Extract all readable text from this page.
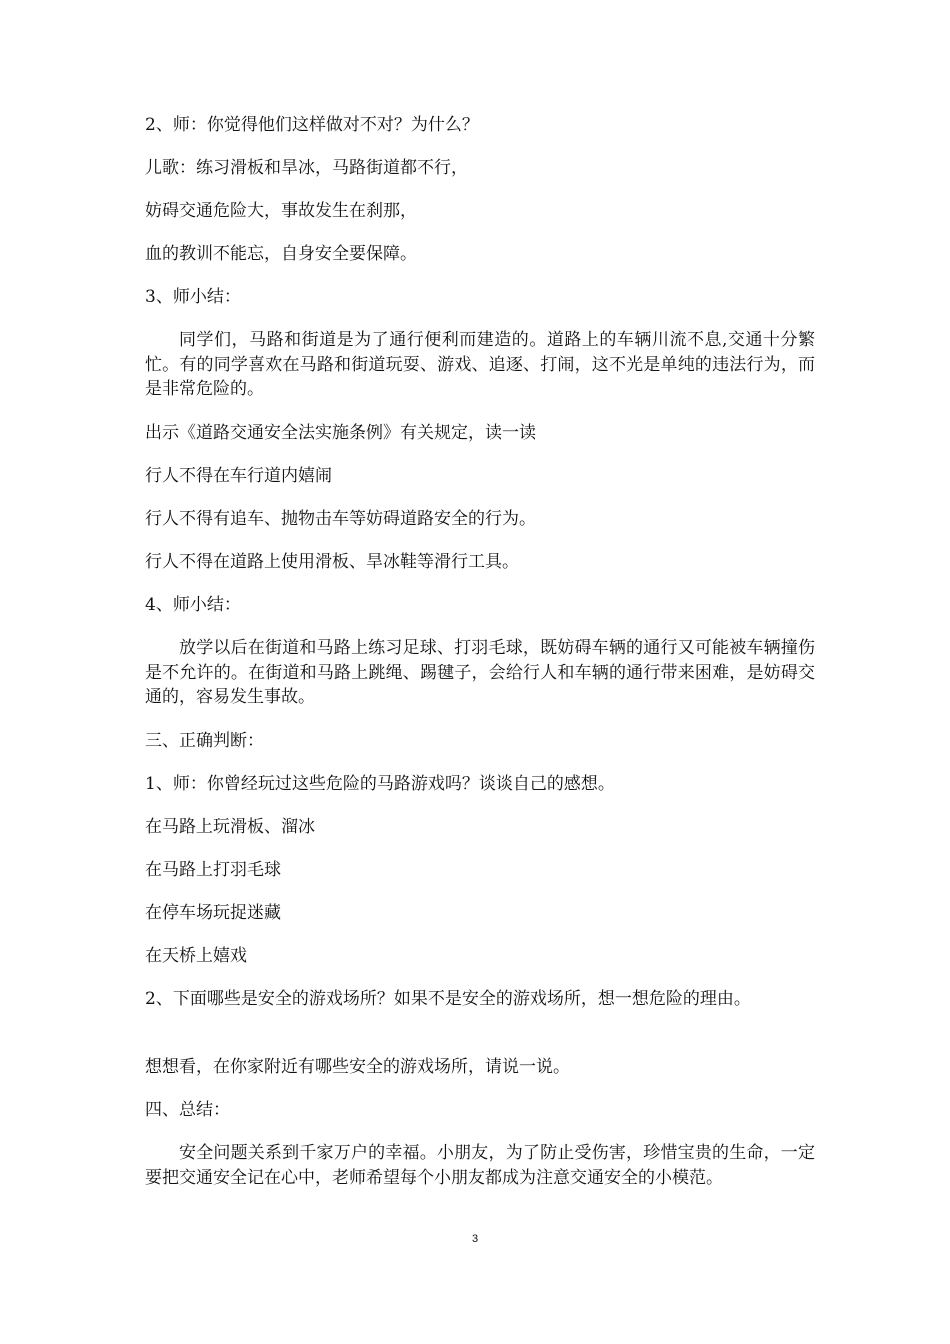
2、师：你觉得他们这样做对不对？为什么？

儿歌：练习滑板和旱冰，马路街道都不行，

妨碍交通危险大，事故发生在刹那，

血的教训不能忘，自身安全要保障。

3、师小结：

同学们，马路和街道是为了通行便利而建造的。道路上的车辆川流不息,交通十分繁忙。有的同学喜欢在马路和街道玩耍、游戏、追逐、打闹，这不光是单纯的违法行为，而是非常危险的。

出示《道路交通安全法实施条例》有关规定，读一读

行人不得在车行道内嬉闹

行人不得有追车、抛物击车等妨碍道路安全的行为。

行人不得在道路上使用滑板、旱冰鞋等滑行工具。

4、师小结：

放学以后在街道和马路上练习足球、打羽毛球，既妨碍车辆的通行又可能被车辆撞伤是不允许的。在街道和马路上跳绳、踢毽子，会给行人和车辆的通行带来困难，是妨碍交通的，容易发生事故。

三、正确判断：

1、师：你曾经玩过这些危险的马路游戏吗？谈谈自己的感想。

在马路上玩滑板、溜冰

在马路上打羽毛球

在停车场玩捉迷藏

在天桥上嬉戏

2、下面哪些是安全的游戏场所？如果不是安全的游戏场所，想一想危险的理由。

想想看，在你家附近有哪些安全的游戏场所，请说一说。

四、总结：

安全问题关系到千家万户的幸福。小朋友，为了防止受伤害，珍惜宝贵的生命，一定要把交通安全记在心中，老师希望每个小朋友都成为注意交通安全的小模范。

3
